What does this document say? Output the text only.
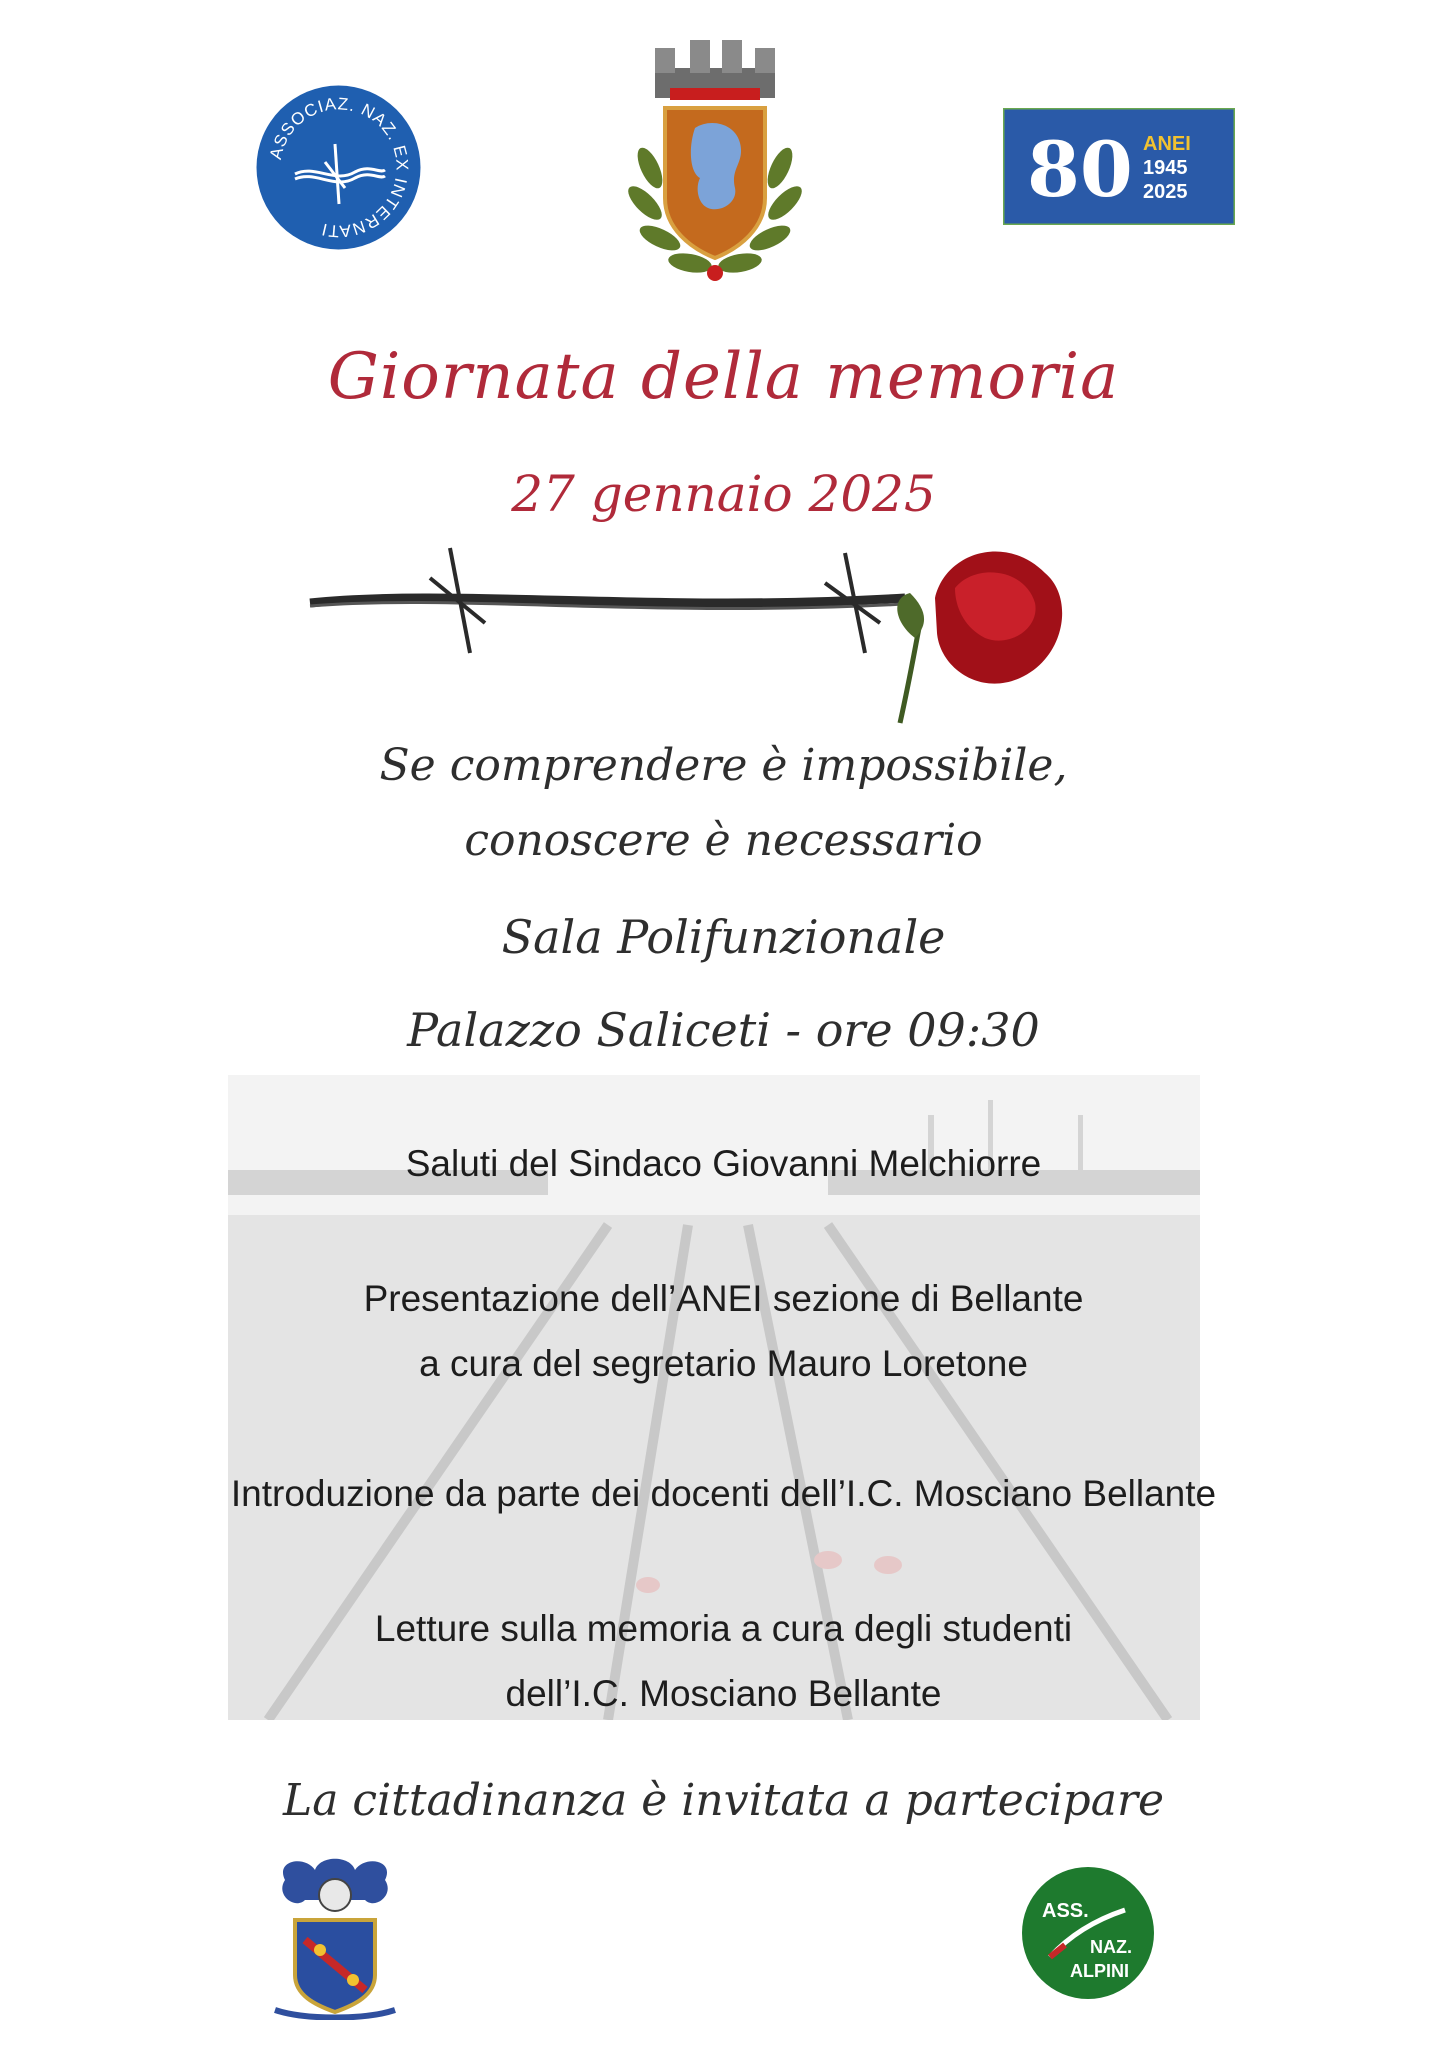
ASSOCIAZ. NAZ. EX INTERNATI
80 ANEI
1945
2025
Giornata della memoria
27 gennaio 2025
Se comprendere è impossibile,
conoscere è necessario
Sala Polifunzionale
Palazzo Saliceti - ore 09:30
Saluti del Sindaco Giovanni Melchiorre
Presentazione dell’ANEI sezione di Bellante
a cura del segretario Mauro Loretone
Introduzione da parte dei docenti dell’I.C. Mosciano Bellante
Letture sulla memoria a cura degli studenti
dell’I.C. Mosciano Bellante
La cittadinanza è invitata a partecipare
ASS.
NAZ.
ALPINI
